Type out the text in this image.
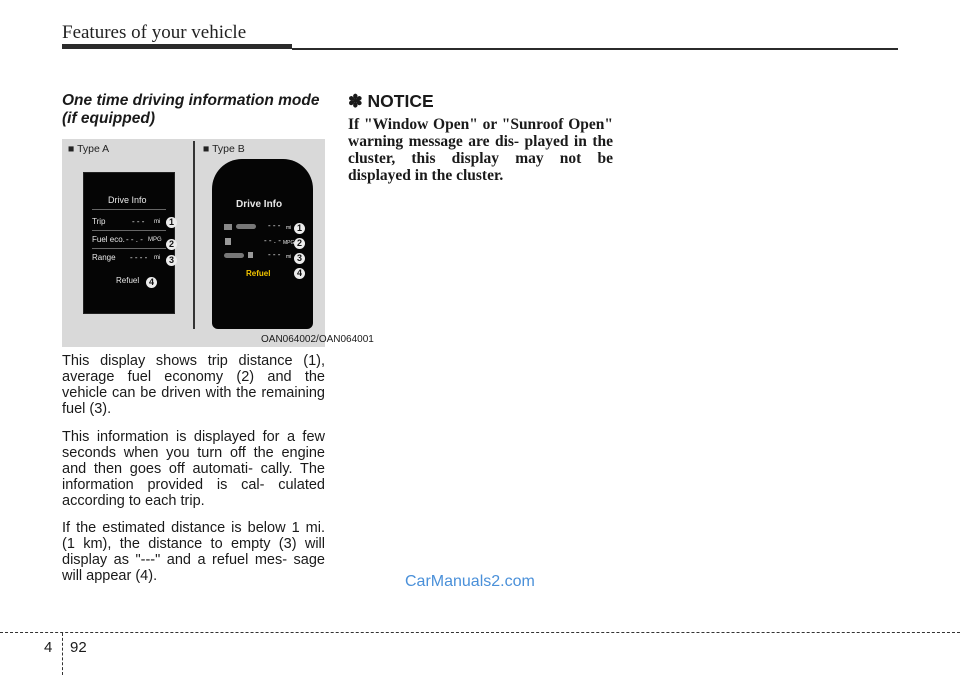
Features of your vehicle
One time driving information mode (if equipped)
■ Type A	■ Type B
Drive Info
Trip	- - - mi
Fuel eco. - - . - MPG
Range - - - - mi
Refuel
1
2
3
4
Drive Info
- - - mi
- - . - MPG
- - - mi
Refuel
1
2
3
4
OAN064002/OAN064001
This display shows trip distance (1), average fuel economy (2) and the vehicle can be driven with the remaining fuel (3).
This information is displayed for a few seconds when you turn off the engine and then goes off automati- cally. The information provided is cal- culated according to each trip.
If the estimated distance is below 1 mi. (1 km), the distance to empty (3) will display as "---" and a refuel mes- sage will appear (4).
✽ NOTICE
If "Window Open" or "Sunroof Open" warning message are dis- played in the cluster, this display may not be displayed in the cluster.
CarManuals2.com
4 92
